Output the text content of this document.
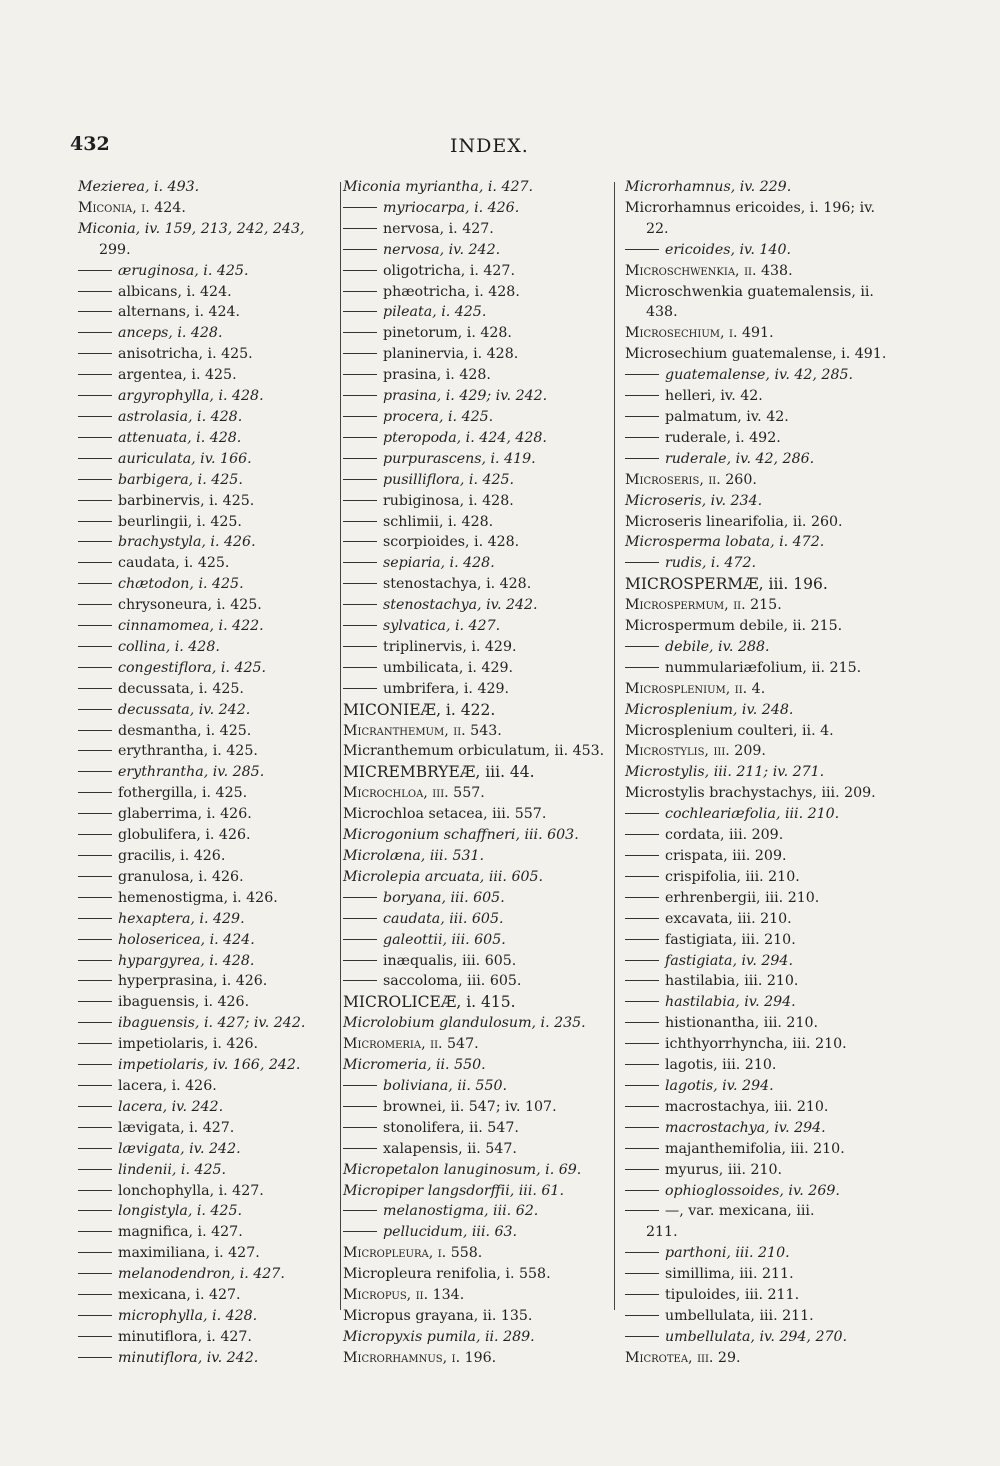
432	INDEX.
Mezierea, i. 493.
Miconia, i. 424.
Miconia, iv. 159, 213, 242, 243,
299.
æruginosa, i. 425.
albicans, i. 424.
alternans, i. 424.
anceps, i. 428.
anisotricha, i. 425.
argentea, i. 425.
argyrophylla, i. 428.
astrolasia, i. 428.
attenuata, i. 428.
auriculata, iv. 166.
barbigera, i. 425.
barbinervis, i. 425.
beurlingii, i. 425.
brachystyla, i. 426.
caudata, i. 425.
chætodon, i. 425.
chrysoneura, i. 425.
cinnamomea, i. 422.
collina, i. 428.
congestiflora, i. 425.
decussata, i. 425.
decussata, iv. 242.
desmantha, i. 425.
erythrantha, i. 425.
erythrantha, iv. 285.
fothergilla, i. 425.
glaberrima, i. 426.
globulifera, i. 426.
gracilis, i. 426.
granulosa, i. 426.
hemenostigma, i. 426.
hexaptera, i. 429.
holosericea, i. 424.
hypargyrea, i. 428.
hyperprasina, i. 426.
ibaguensis, i. 426.
ibaguensis, i. 427; iv. 242.
impetiolaris, i. 426.
impetiolaris, iv. 166, 242.
lacera, i. 426.
lacera, iv. 242.
lævigata, i. 427.
lævigata, iv. 242.
lindenii, i. 425.
lonchophylla, i. 427.
longistyla, i. 425.
magnifica, i. 427.
maximiliana, i. 427.
melanodendron, i. 427.
mexicana, i. 427.
microphylla, i. 428.
minutiflora, i. 427.
minutiflora, iv. 242.
Miconia myriantha, i. 427.
myriocarpa, i. 426.
nervosa, i. 427.
nervosa, iv. 242.
oligotricha, i. 427.
phæotricha, i. 428.
pileata, i. 425.
pinetorum, i. 428.
planinervia, i. 428.
prasina, i. 428.
prasina, i. 429; iv. 242.
procera, i. 425.
pteropoda, i. 424, 428.
purpurascens, i. 419.
pusilliflora, i. 425.
rubiginosa, i. 428.
schlimii, i. 428.
scorpioides, i. 428.
sepiaria, i. 428.
stenostachya, i. 428.
stenostachya, iv. 242.
sylvatica, i. 427.
triplinervis, i. 429.
umbilicata, i. 429.
umbrifera, i. 429.
MICONIEÆ, i. 422.
Micranthemum, ii. 543.
Micranthemum orbiculatum, ii. 453.
MICREMBRYEÆ, iii. 44.
Microchloa, iii. 557.
Microchloa setacea, iii. 557.
Microgonium schaffneri, iii. 603.
Microlæna, iii. 531.
Microlepia arcuata, iii. 605.
boryana, iii. 605.
caudata, iii. 605.
galeottii, iii. 605.
inæqualis, iii. 605.
saccoloma, iii. 605.
MICROLICEÆ, i. 415.
Microlobium glandulosum, i. 235.
Micromeria, ii. 547.
Micromeria, ii. 550.
boliviana, ii. 550.
brownei, ii. 547; iv. 107.
stonolifera, ii. 547.
xalapensis, ii. 547.
Micropetalon lanuginosum, i. 69.
Micropiper langsdorffii, iii. 61.
melanostigma, iii. 62.
pellucidum, iii. 63.
Micropleura, i. 558.
Micropleura renifolia, i. 558.
Micropus, ii. 134.
Micropus grayana, ii. 135.
Micropyxis pumila, ii. 289.
Microrhamnus, i. 196.
Microrhamnus, iv. 229.
Microrhamnus ericoides, i. 196; iv.
22.
ericoides, iv. 140.
Microschwenkia, ii. 438.
Microschwenkia guatemalensis, ii.
438.
Microsechium, i. 491.
Microsechium guatemalense, i. 491.
guatemalense, iv. 42, 285.
helleri, iv. 42.
palmatum, iv. 42.
ruderale, i. 492.
ruderale, iv. 42, 286.
Microseris, ii. 260.
Microseris, iv. 234.
Microseris linearifolia, ii. 260.
Microsperma lobata, i. 472.
rudis, i. 472.
MICROSPERMÆ, iii. 196.
Microspermum, ii. 215.
Microspermum debile, ii. 215.
debile, iv. 288.
nummulariæfolium, ii. 215.
Microsplenium, ii. 4.
Microsplenium, iv. 248.
Microsplenium coulteri, ii. 4.
Microstylis, iii. 209.
Microstylis, iii. 211; iv. 271.
Microstylis brachystachys, iii. 209.
cochleariæfolia, iii. 210.
cordata, iii. 209.
crispata, iii. 209.
crispifolia, iii. 210.
erhrenbergii, iii. 210.
excavata, iii. 210.
fastigiata, iii. 210.
fastigiata, iv. 294.
hastilabia, iii. 210.
hastilabia, iv. 294.
histionantha, iii. 210.
ichthyorrhyncha, iii. 210.
lagotis, iii. 210.
lagotis, iv. 294.
macrostachya, iii. 210.
macrostachya, iv. 294.
majanthemifolia, iii. 210.
myurus, iii. 210.
ophioglossoides, iv. 269.
—, var. mexicana, iii.
211.
parthoni, iii. 210.
simillima, iii. 211.
tipuloides, iii. 211.
umbellulata, iii. 211.
umbellulata, iv. 294, 270.
Microtea, iii. 29.
